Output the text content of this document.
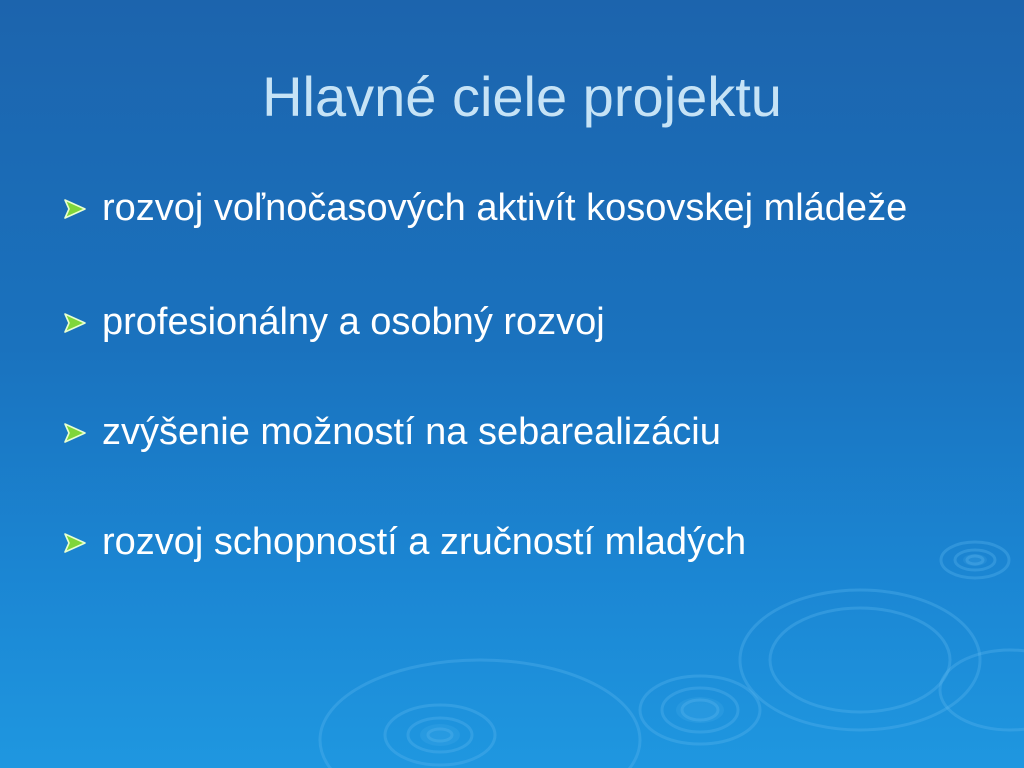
Hlavné ciele projektu
rozvoj voľnočasových aktivít kosovskej mládeže
profesionálny a osobný rozvoj
zvýšenie možností na sebarealizáciu
rozvoj schopností a zručností mladých
